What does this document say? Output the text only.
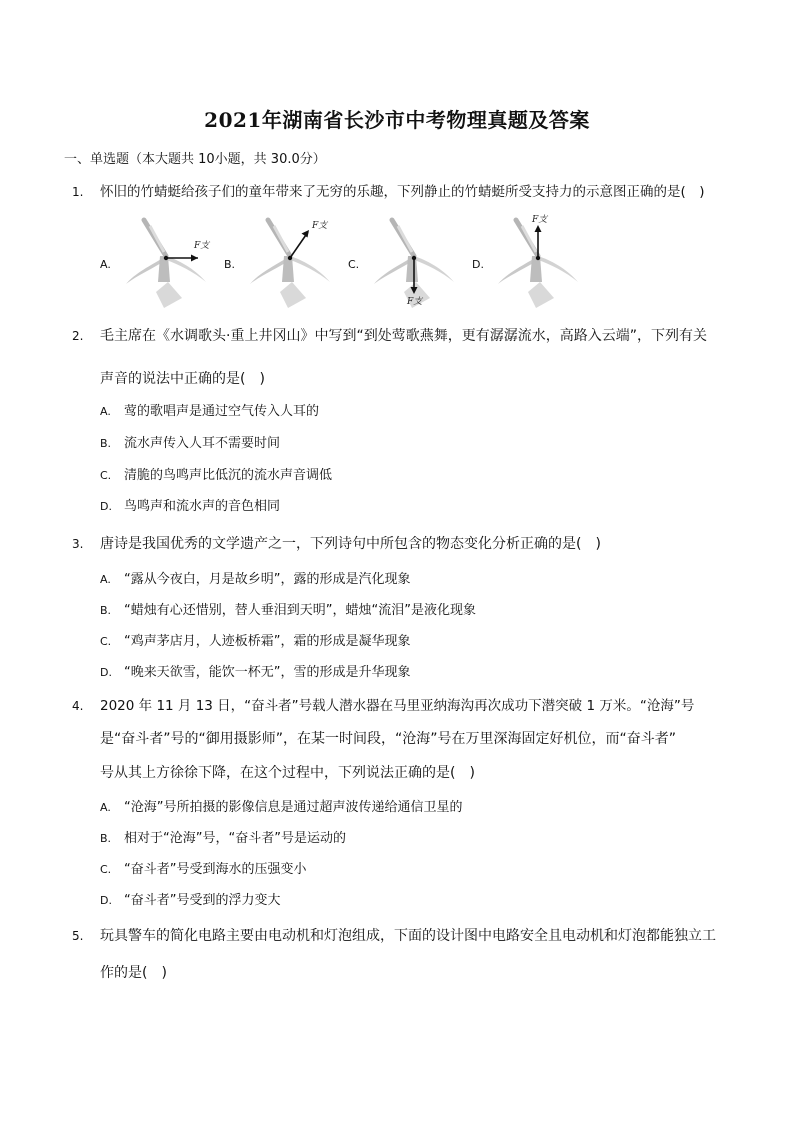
2021年湖南省长沙市中考物理真题及答案
一、单选题（本大题共 10小题，共 30.0分）
1. 怀旧的竹蜻蜓给孩子们的童年带来了无穷的乐趣，下列静止的竹蜻蜓所受支持力的示意图正确的是(　)
A.
F支
B.
F支
C.
F支
D.
F支
2. 毛主席在《水调歌头·重上井冈山》中写到“到处莺歌燕舞，更有潺潺流水，高路入云端”，下列有关
声音的说法中正确的是(　)
A. 莺的歌唱声是通过空气传入人耳的
B. 流水声传入人耳不需要时间
C. 清脆的鸟鸣声比低沉的流水声音调低
D. 鸟鸣声和流水声的音色相同
3. 唐诗是我国优秀的文学遗产之一，下列诗句中所包含的物态变化分析正确的是(　)
A. “露从今夜白，月是故乡明”，露的形成是汽化现象
B. “蜡烛有心还惜别，替人垂泪到天明”，蜡烛“流泪”是液化现象
C. “鸡声茅店月，人迹板桥霜”，霜的形成是凝华现象
D. “晚来天欲雪，能饮一杯无”，雪的形成是升华现象
4. 2020 年 11 月 13 日，“奋斗者”号载人潜水器在马里亚纳海沟再次成功下潜突破 1 万米。“沧海”号
是“奋斗者”号的“御用摄影师”，在某一时间段，“沧海”号在万里深海固定好机位，而“奋斗者”
号从其上方徐徐下降，在这个过程中，下列说法正确的是(　)
A. “沧海”号所拍摄的影像信息是通过超声波传递给通信卫星的
B. 相对于“沧海”号，“奋斗者”号是运动的
C. “奋斗者”号受到海水的压强变小
D. “奋斗者”号受到的浮力变大
5. 玩具警车的简化电路主要由电动机和灯泡组成，下面的设计图中电路安全且电动机和灯泡都能独立工
作的是(　)
